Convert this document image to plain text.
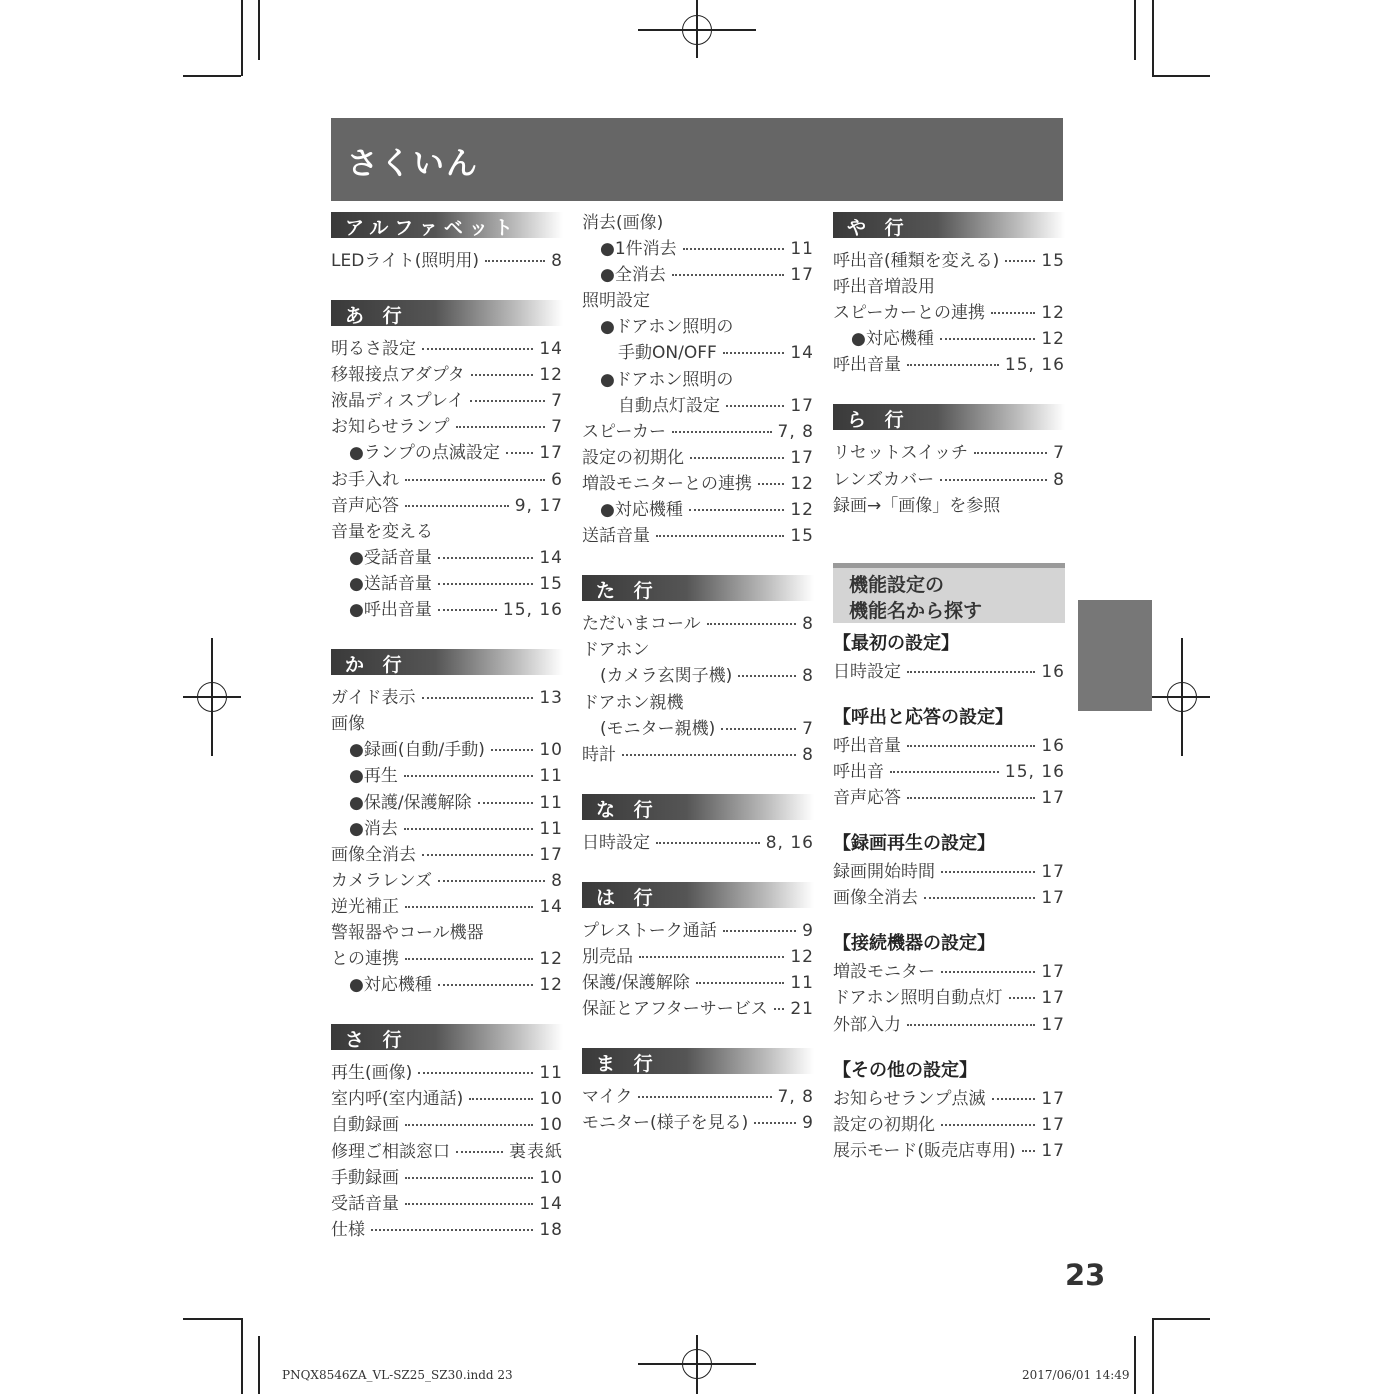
さくいん
アルファベット
LEDライト(照明用)	8
あ 行
明るさ設定	14
移報接点アダプタ	12
液晶ディスプレイ	7
お知らせランプ	7
●ランプの点滅設定 17
お手入れ	6
音声応答	9, 17
音量を変える
●受話音量	14
●送話音量	15
●呼出音量	15, 16
か 行
ガイド表示	13
画像
●録画(自動/手動)	10
●再生	11
●保護/保護解除	11
●消去	11
画像全消去	17
カメラレンズ	8
逆光補正	14
警報器やコール機器
との連携	12
●対応機種	12
さ 行
再生(画像)	11
室内呼(室内通話)	10
自動録画	10
修理ご相談窓口	裏表紙
手動録画	10
受話音量	14
仕様	18
消去(画像)
●1件消去	11
●全消去	17
照明設定
●ドアホン照明の
手動ON/OFF	14
●ドアホン照明の
自動点灯設定	17
スピーカー	7, 8
設定の初期化	17
増設モニターとの連携 12
●対応機種	12
送話音量	15
た 行
ただいまコール	8
ドアホン
(カメラ玄関子機)	8
ドアホン親機
(モニター親機)	7
時計	8
な 行
日時設定	8, 16
は 行
プレストーク通話	9
別売品	12
保護/保護解除	11
保証とアフターサービス 21
ま 行
マイク	7, 8
モニター(様子を見る)	9
や 行
呼出音(種類を変える) 15
呼出音増設用
スピーカーとの連携	12
●対応機種	12
呼出音量	15, 16
ら 行
リセットスイッチ	7
レンズカバー	8
録画→「画像」を参照
機能設定の
機能名から探す
【最初の設定】
日時設定	16
【呼出と応答の設定】
呼出音量	16
呼出音	15, 16
音声応答	17
【録画再生の設定】
録画開始時間	17
画像全消去	17
【接続機器の設定】
増設モニター	17
ドアホン照明自動点灯 17
外部入力	17
【その他の設定】
お知らせランプ点滅	17
設定の初期化	17
展示モード(販売店専用) 17
23
PNQX8546ZA_VL-SZ25_SZ30.indd 23	2017/06/01 14:49
